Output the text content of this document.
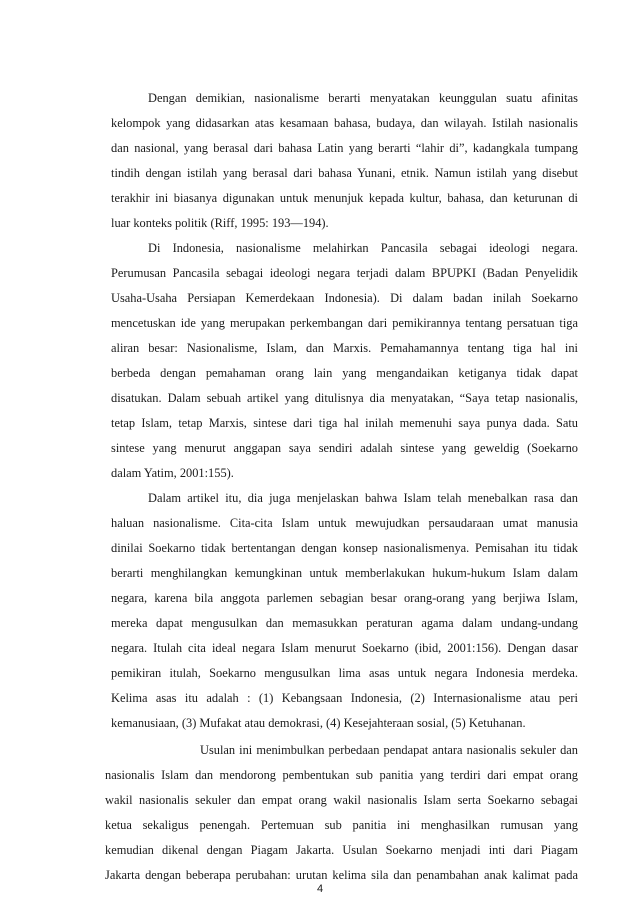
Dengan demikian, nasionalisme berarti menyatakan keunggulan suatu afinitas
kelompok yang didasarkan atas kesamaan bahasa, budaya, dan wilayah. Istilah nasionalis
dan nasional, yang berasal dari bahasa Latin yang berarti “lahir di”, kadangkala tumpang
tindih dengan istilah yang berasal dari bahasa Yunani, etnik. Namun istilah yang disebut
terakhir ini biasanya digunakan untuk menunjuk kepada kultur, bahasa, dan keturunan di
luar konteks politik (Riff, 1995: 193—194).
Di Indonesia, nasionalisme melahirkan Pancasila sebagai ideologi negara.
Perumusan Pancasila sebagai ideologi negara terjadi dalam BPUPKI (Badan Penyelidik
Usaha-Usaha Persiapan Kemerdekaan Indonesia). Di dalam badan inilah Soekarno
mencetuskan ide yang merupakan perkembangan dari pemikirannya tentang persatuan tiga
aliran besar: Nasionalisme, Islam, dan Marxis. Pemahamannya tentang tiga hal ini
berbeda dengan pemahaman orang lain yang mengandaikan ketiganya tidak dapat
disatukan. Dalam sebuah artikel yang ditulisnya dia menyatakan, “Saya tetap nasionalis,
tetap Islam, tetap Marxis, sintese dari tiga hal inilah memenuhi saya punya dada. Satu
sintese yang menurut anggapan saya sendiri adalah sintese yang geweldig (Soekarno
dalam Yatim, 2001:155).
Dalam artikel itu, dia juga menjelaskan bahwa Islam telah menebalkan rasa dan
haluan nasionalisme. Cita-cita Islam untuk mewujudkan persaudaraan umat manusia
dinilai Soekarno tidak bertentangan dengan konsep nasionalismenya. Pemisahan itu tidak
berarti menghilangkan kemungkinan untuk memberlakukan hukum-hukum Islam dalam
negara, karena bila anggota parlemen sebagian besar orang-orang yang berjiwa Islam,
mereka dapat mengusulkan dan memasukkan peraturan agama dalam undang-undang
negara. Itulah cita ideal negara Islam menurut Soekarno (ibid, 2001:156). Dengan dasar
pemikiran itulah, Soekarno mengusulkan lima asas untuk negara Indonesia merdeka.
Kelima asas itu adalah : (1) Kebangsaan Indonesia, (2) Internasionalisme atau peri
kemanusiaan, (3) Mufakat atau demokrasi, (4) Kesejahteraan sosial, (5) Ketuhanan.
Usulan ini menimbulkan perbedaan pendapat antara nasionalis sekuler dan
nasionalis Islam dan mendorong pembentukan sub panitia yang terdiri dari empat orang
wakil nasionalis sekuler dan empat orang wakil nasionalis Islam serta Soekarno sebagai
ketua sekaligus penengah. Pertemuan sub panitia ini menghasilkan rumusan yang
kemudian dikenal dengan Piagam Jakarta. Usulan Soekarno menjadi inti dari Piagam
Jakarta dengan beberapa perubahan: urutan kelima sila dan penambahan anak kalimat pada
4
